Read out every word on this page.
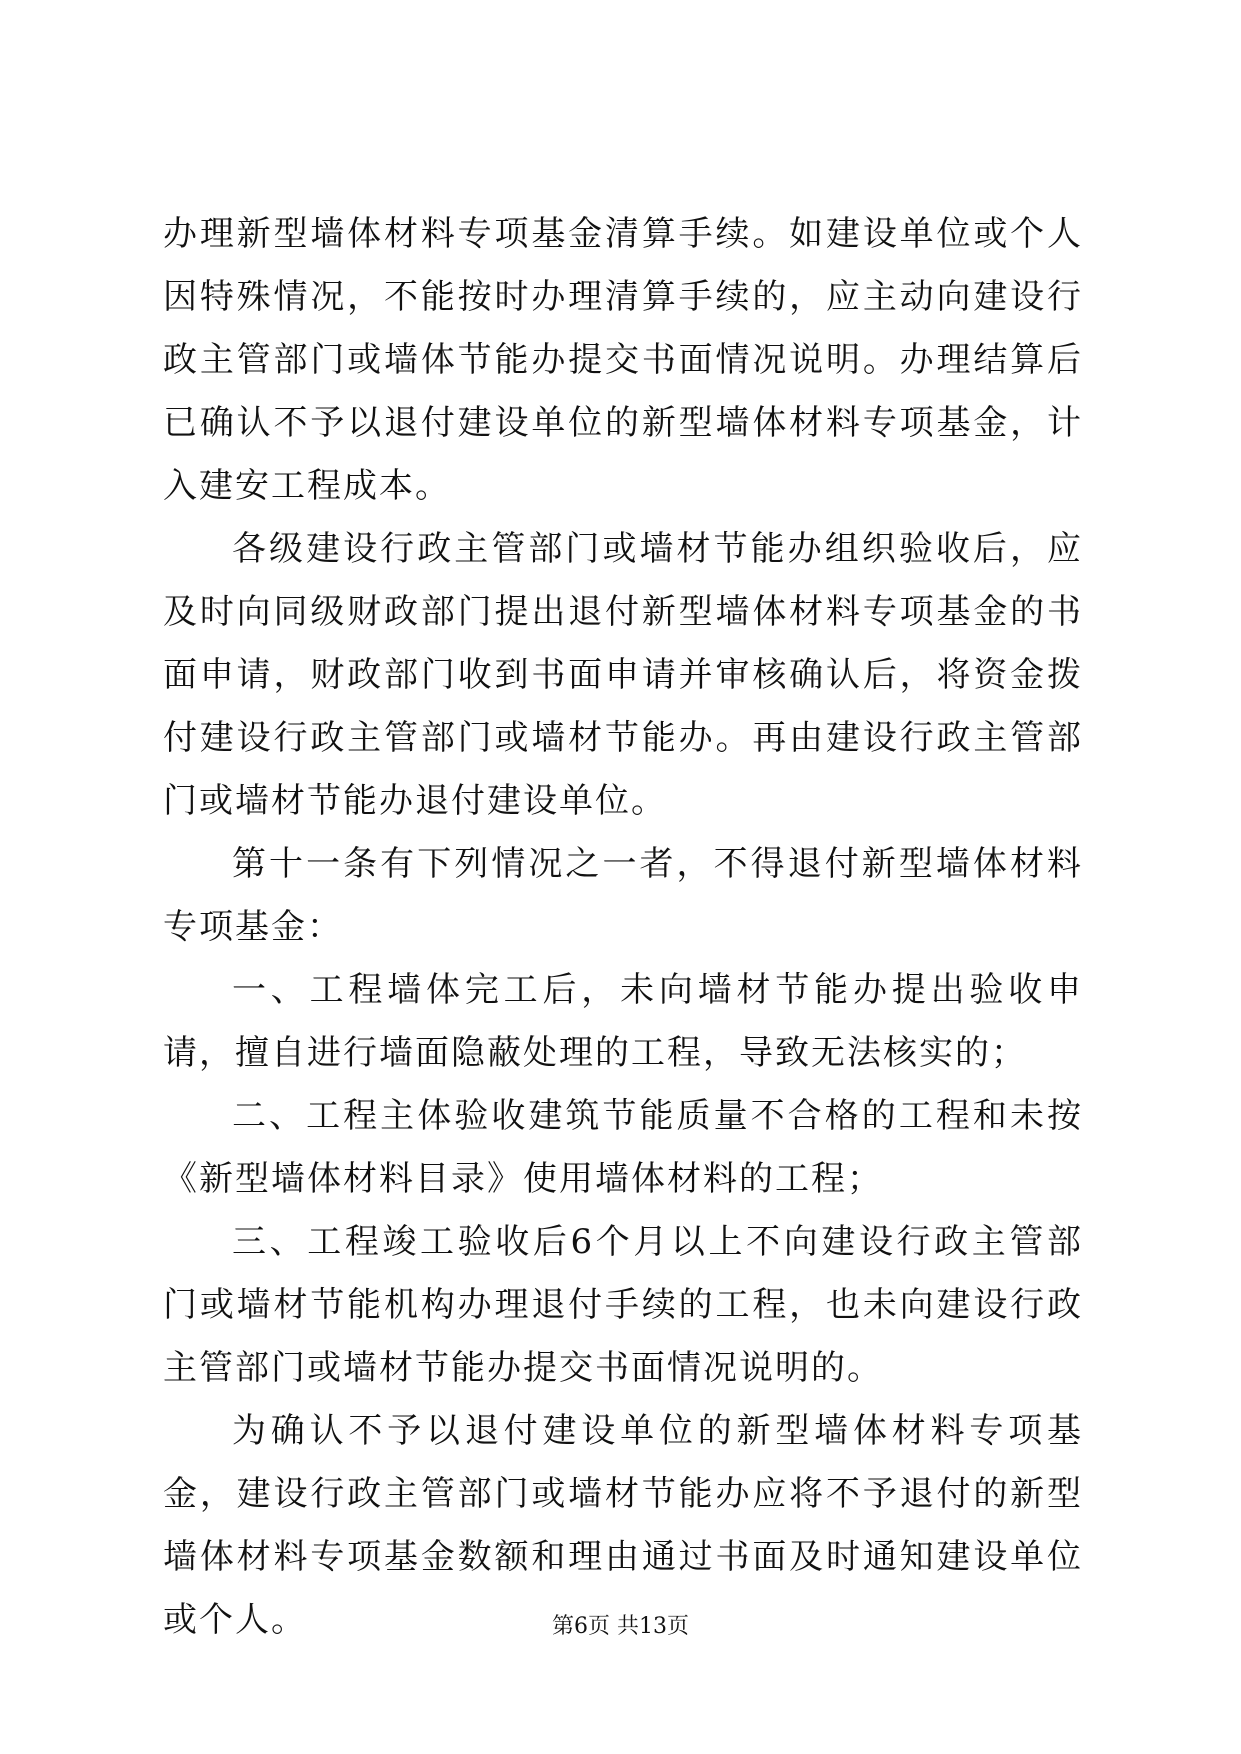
办理新型墙体材料专项基金清算手续。如建设单位或个人因特殊情况，不能按时办理清算手续的，应主动向建设行政主管部门或墙体节能办提交书面情况说明。办理结算后已确认不予以退付建设单位的新型墙体材料专项基金，计入建安工程成本。

各级建设行政主管部门或墙材节能办组织验收后，应及时向同级财政部门提出退付新型墙体材料专项基金的书面申请，财政部门收到书面申请并审核确认后，将资金拨付建设行政主管部门或墙材节能办。再由建设行政主管部门或墙材节能办退付建设单位。

第十一条有下列情况之一者，不得退付新型墙体材料专项基金：

一、工程墙体完工后，未向墙材节能办提出验收申请，擅自进行墙面隐蔽处理的工程，导致无法核实的；

二、工程主体验收建筑节能质量不合格的工程和未按《新型墙体材料目录》使用墙体材料的工程；

三、工程竣工验收后6个月以上不向建设行政主管部门或墙材节能机构办理退付手续的工程，也未向建设行政主管部门或墙材节能办提交书面情况说明的。

为确认不予以退付建设单位的新型墙体材料专项基金，建设行政主管部门或墙材节能办应将不予退付的新型墙体材料专项基金数额和理由通过书面及时通知建设单位或个人。	第6页 共13页
